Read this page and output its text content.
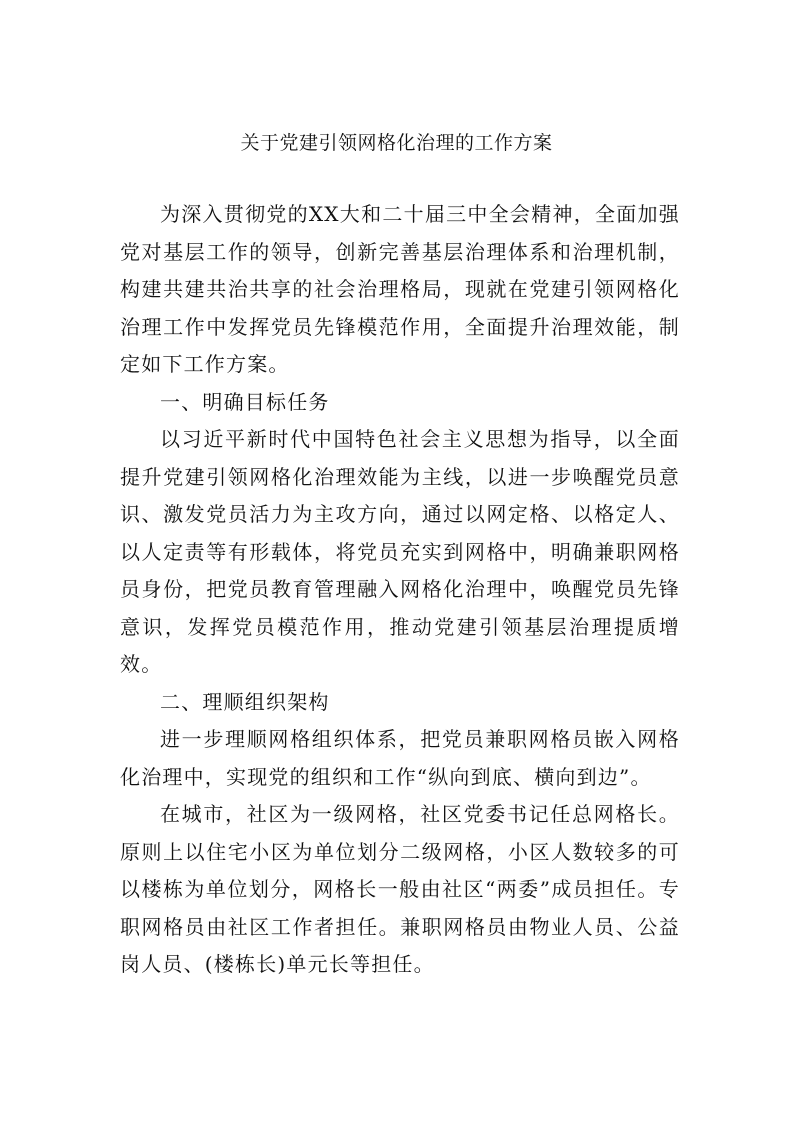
关于党建引领网格化治理的工作方案

为深入贯彻党的XX大和二十届三中全会精神，全面加强党对基层工作的领导，创新完善基层治理体系和治理机制，构建共建共治共享的社会治理格局，现就在党建引领网格化治理工作中发挥党员先锋模范作用，全面提升治理效能，制定如下工作方案。

一、明确目标任务

以习近平新时代中国特色社会主义思想为指导，以全面提升党建引领网格化治理效能为主线，以进一步唤醒党员意识、激发党员活力为主攻方向，通过以网定格、以格定人、以人定责等有形载体，将党员充实到网格中，明确兼职网格员身份，把党员教育管理融入网格化治理中，唤醒党员先锋意识，发挥党员模范作用，推动党建引领基层治理提质增效。

二、理顺组织架构

进一步理顺网格组织体系，把党员兼职网格员嵌入网格化治理中，实现党的组织和工作“纵向到底、横向到边”。

在城市，社区为一级网格，社区党委书记任总网格长。原则上以住宅小区为单位划分二级网格，小区人数较多的可以楼栋为单位划分，网格长一般由社区“两委”成员担任。专职网格员由社区工作者担任。兼职网格员由物业人员、公益岗人员、(楼栋长)单元长等担任。
